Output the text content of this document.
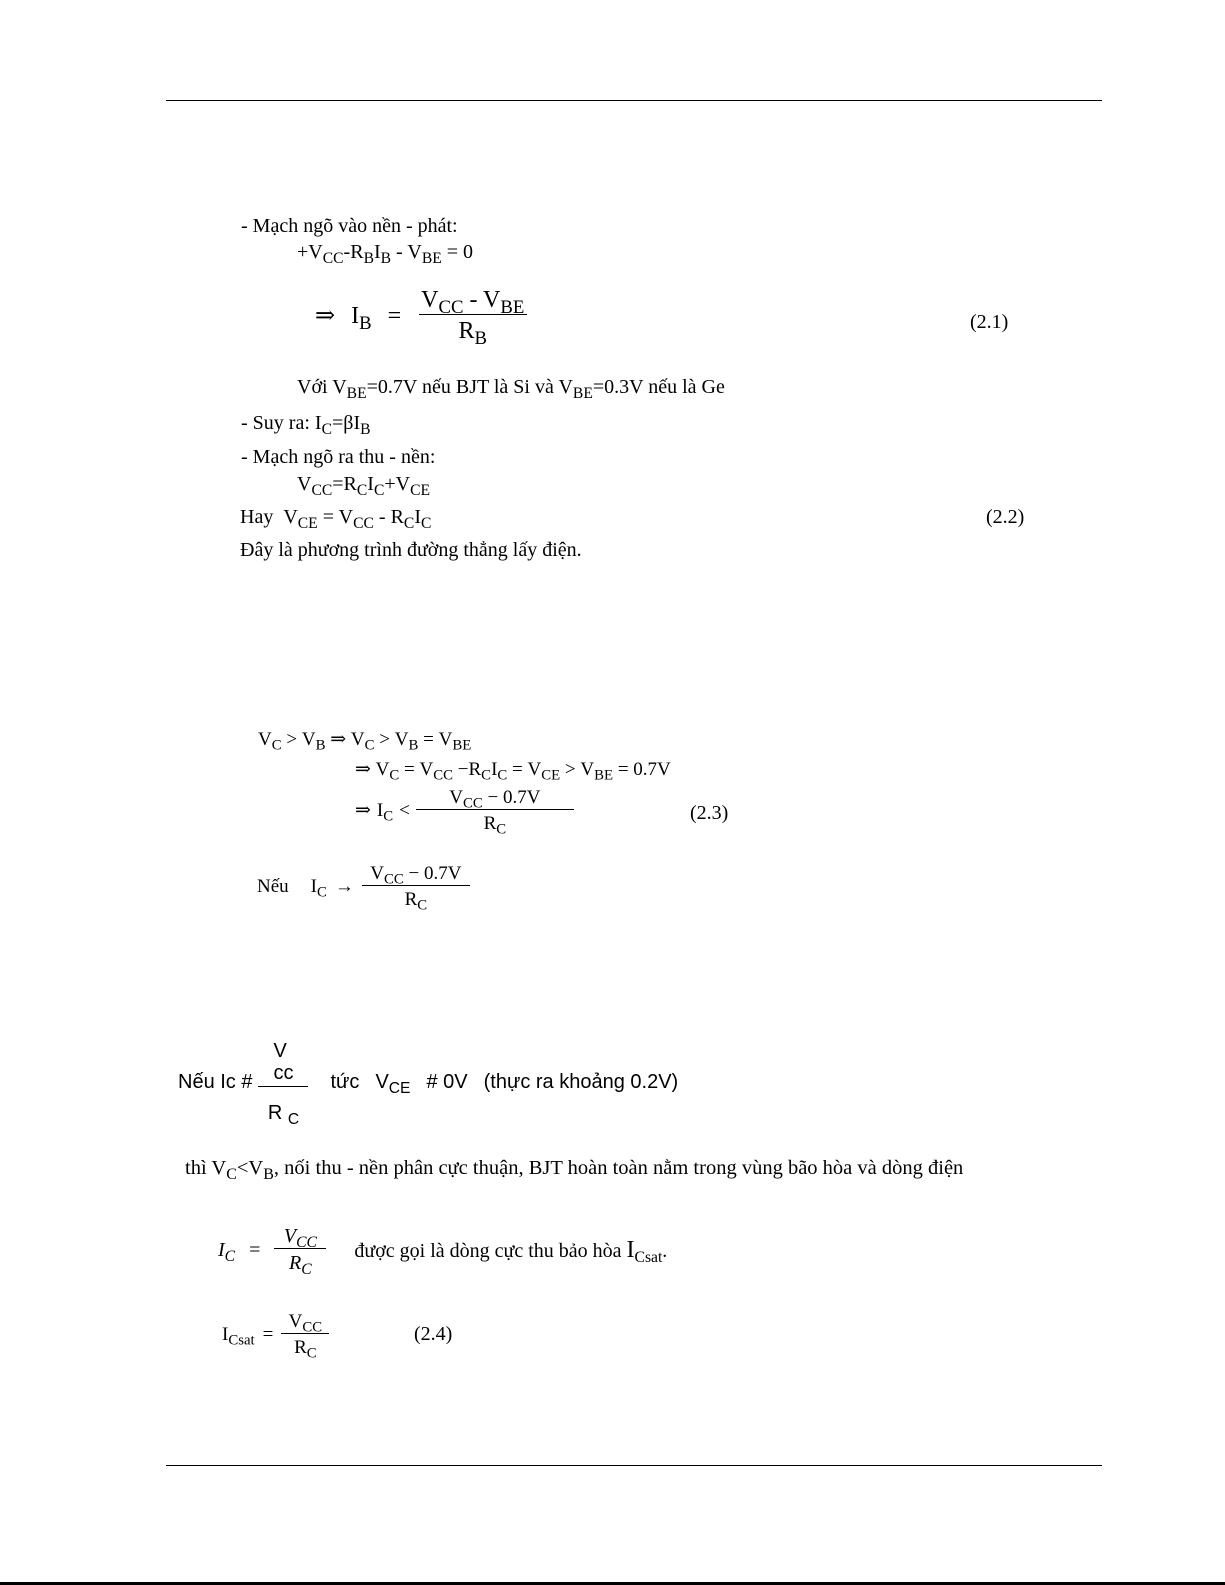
- Mạch ngõ vào nền - phát:
$+V_{CC}-R_BI_B - V_{BE} = 0$
⇒ $I_B = \frac{V_{CC} - V_{BE}}{R_B}$	(2.1)
Với $V_{BE}=0.7V$ nếu BJT là Si và $V_{BE}=0.3V$ nếu là Ge
- Suy ra: $I_C=\beta I_B$
- Mạch ngõ ra thu - nền:
$V_{CC}=R_CI_C+V_{CE}$
Hay $V_{CE} = V_{CC} - R_CI_C$	(2.2)
Đây là phương trình đường thẳng lấy điện.
$V_C > V_B$ ⇒ $V_C > V_B = V_{BE}$
⇒ $V_C = V_{CC} -R_CI_C = V_{CE} > V_{BE} = 0.7V$
⇒ $I_C < \frac{V_{CC} - 0.7V}{R_C}$	(2.3)
Nếu $I_C \to \frac{V_{CC} - 0.7V}{R_C}$
Nếu Ic #
V
cc
R $_C$
tức $V_{CE}$ # 0V (thực ra khoảng 0.2V)
thì $V_C<V_B$, nối thu - nền phân cực thuận, BJT hoàn toàn nằm trong vùng bão hòa và dòng điện
$I_C = \frac{V_{CC}}{R_C}$ được gọi là dòng cực thu bảo hòa $I_{Csat}$.
$I_{Csat} = \frac{V_{CC}}{R_C}$	(2.4)
